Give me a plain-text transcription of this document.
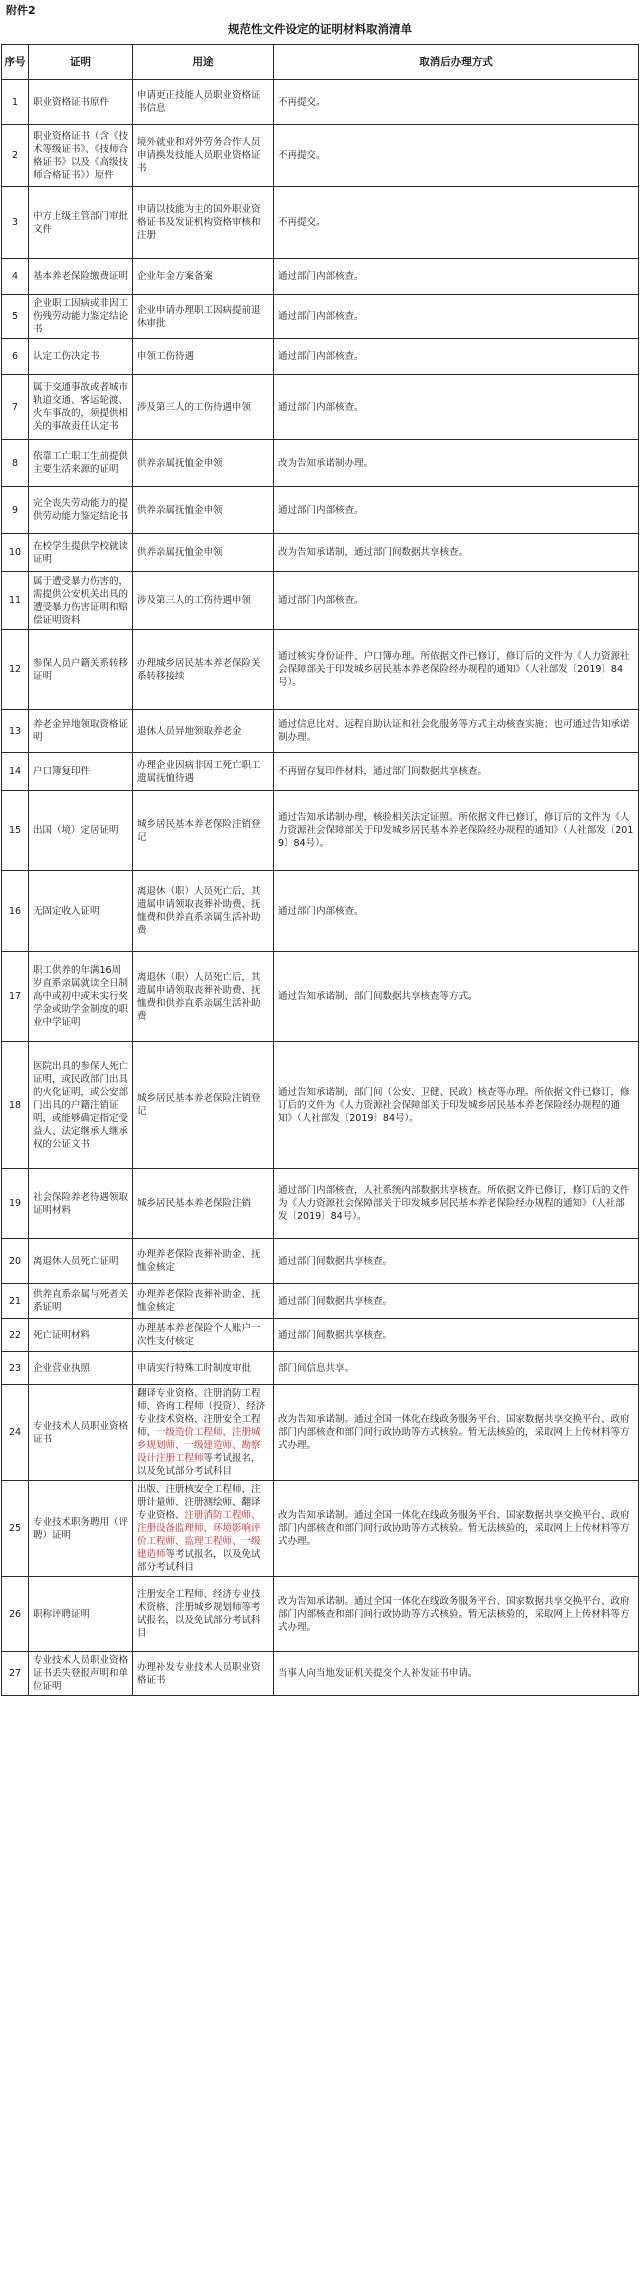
附件2
规范性文件设定的证明材料取消清单
序号	证明	用途	取消后办理方式
1	职业资格证书原件	申请更正技能人员职业资格证书信息	不再提交。
2	职业资格证书（含《技术等级证书》、《技师合格证书》以及《高级技师合格证书》）原件	境外就业和对外劳务合作人员申请换发技能人员职业资格证书	不再提交。
3	中方上级主管部门审批文件	申请以技能为主的国外职业资格证书及发证机构资格审核和注册	不再提交。
4	基本养老保险缴费证明	企业年金方案备案	通过部门内部核查。
5	企业职工因病或非因工伤残劳动能力鉴定结论书	企业申请办理职工因病提前退休审批	通过部门内部核查。
6	认定工伤决定书	申领工伤待遇	通过部门内部核查。
7	属于交通事故或者城市轨道交通、客运轮渡、火车事故的，须提供相关的事故责任认定书	涉及第三人的工伤待遇申领	通过部门内部核查。
8	依靠工亡职工生前提供主要生活来源的证明	供养亲属抚恤金申领	改为告知承诺制办理。
9	完全丧失劳动能力的提供劳动能力鉴定结论书	供养亲属抚恤金申领	通过部门内部核查。
10	在校学生提供学校就读证明	供养亲属抚恤金申领	改为告知承诺制，通过部门间数据共享核查。
11	属于遭受暴力伤害的，需提供公安机关出具的遭受暴力伤害证明和赔偿证明资料	涉及第三人的工伤待遇申领	通过部门内部核查。
12	参保人员户籍关系转移证明	办理城乡居民基本养老保险关系转移接续	通过核实身份证件、户口簿办理。所依据文件已修订，修订后的文件为《人力资源社会保障部关于印发城乡居民基本养老保险经办规程的通知》（人社部发〔2019〕84号）。
13	养老金异地领取资格证明	退休人员异地领取养老金	通过信息比对、远程自助认证和社会化服务等方式主动核查实施；也可通过告知承诺制办理。
14	户口簿复印件	办理企业因病非因工死亡职工遗属抚恤待遇	不再留存复印件材料，通过部门间数据共享核查。
15	出国（境）定居证明	城乡居民基本养老保险注销登记	通过告知承诺制办理，核验相关法定证照。所依据文件已修订，修订后的文件为《人力资源社会保障部关于印发城乡居民基本养老保险经办规程的通知》（人社部发〔2019〕84号）。
16	无固定收入证明	离退休（职）人员死亡后，其遗属申请领取丧葬补助费、抚恤费和供养直系亲属生活补助费	通过部门内部核查。
17	职工供养的年满16周岁直系亲属就读全日制高中或初中或未实行奖学金或助学金制度的职业中学证明	离退休（职）人员死亡后，其遗属申请领取丧葬补助费、抚恤费和供养直系亲属生活补助费	通过告知承诺制、部门间数据共享核查等方式。
18	医院出具的参保人死亡证明，或民政部门出具的火化证明，或公安部门出具的户籍注销证明，或能够确定指定受益人、法定继承人继承权的公证文书	城乡居民基本养老保险注销登记	通过告知承诺制、部门间（公安、卫健、民政）核查等办理。所依据文件已修订，修订后的文件为《人力资源社会保障部关于印发城乡居民基本养老保险经办规程的通知》（人社部发〔2019〕84号）。
19	社会保险养老待遇领取证明材料	城乡居民基本养老保险注销	通过部门内部核查，人社系统内部数据共享核查。所依据文件已修订，修订后的文件为《人力资源社会保障部关于印发城乡居民基本养老保险经办规程的通知》（人社部发〔2019〕84号）。
20	离退休人员死亡证明	办理养老保险丧葬补助金、抚恤金核定	通过部门间数据共享核查。
21	供养直系亲属与死者关系证明	办理养老保险丧葬补助金、抚恤金核定	通过部门间数据共享核查。
22	死亡证明材料	办理基本养老保险个人账户一次性支付核定	通过部门间数据共享核查。
23	企业营业执照	申请实行特殊工时制度审批	部门间信息共享。
24	专业技术人员职业资格证书	翻译专业资格、注册消防工程师、咨询工程师（投资）、经济专业技术资格、注册安全工程师、一级造价工程师、注册城乡规划师、一级建造师、勘察设计注册工程师等考试报名，以及免试部分考试科目	改为告知承诺制。通过全国一体化在线政务服务平台、国家数据共享交换平台、政府部门内部核查和部门间行政协助等方式核验。暂无法核验的，采取网上上传材料等方式办理。
25	专业技术职务聘用（评聘）证明	出版、注册核安全工程师、注册计量师、注册测绘师、翻译专业资格、注册消防工程师、注册设备监理师、环境影响评价工程师、监理工程师、一级建造师等考试报名，以及免试部分考试科目	改为告知承诺制。通过全国一体化在线政务服务平台、国家数据共享交换平台、政府部门内部核查和部门间行政协助等方式核验。暂无法核验的，采取网上上传材料等方式办理。
26	职称评聘证明	注册安全工程师、经济专业技术资格、注册城乡规划师等考试报名，以及免试部分考试科目	改为告知承诺制。通过全国一体化在线政务服务平台、国家数据共享交换平台、政府部门内部核查和部门间行政协助等方式核验。暂无法核验的，采取网上上传材料等方式办理。
27	专业技术人员职业资格证书丢失登报声明和单位证明	办理补发专业技术人员职业资格证书	当事人向当地发证机关提交个人补发证书申请。
